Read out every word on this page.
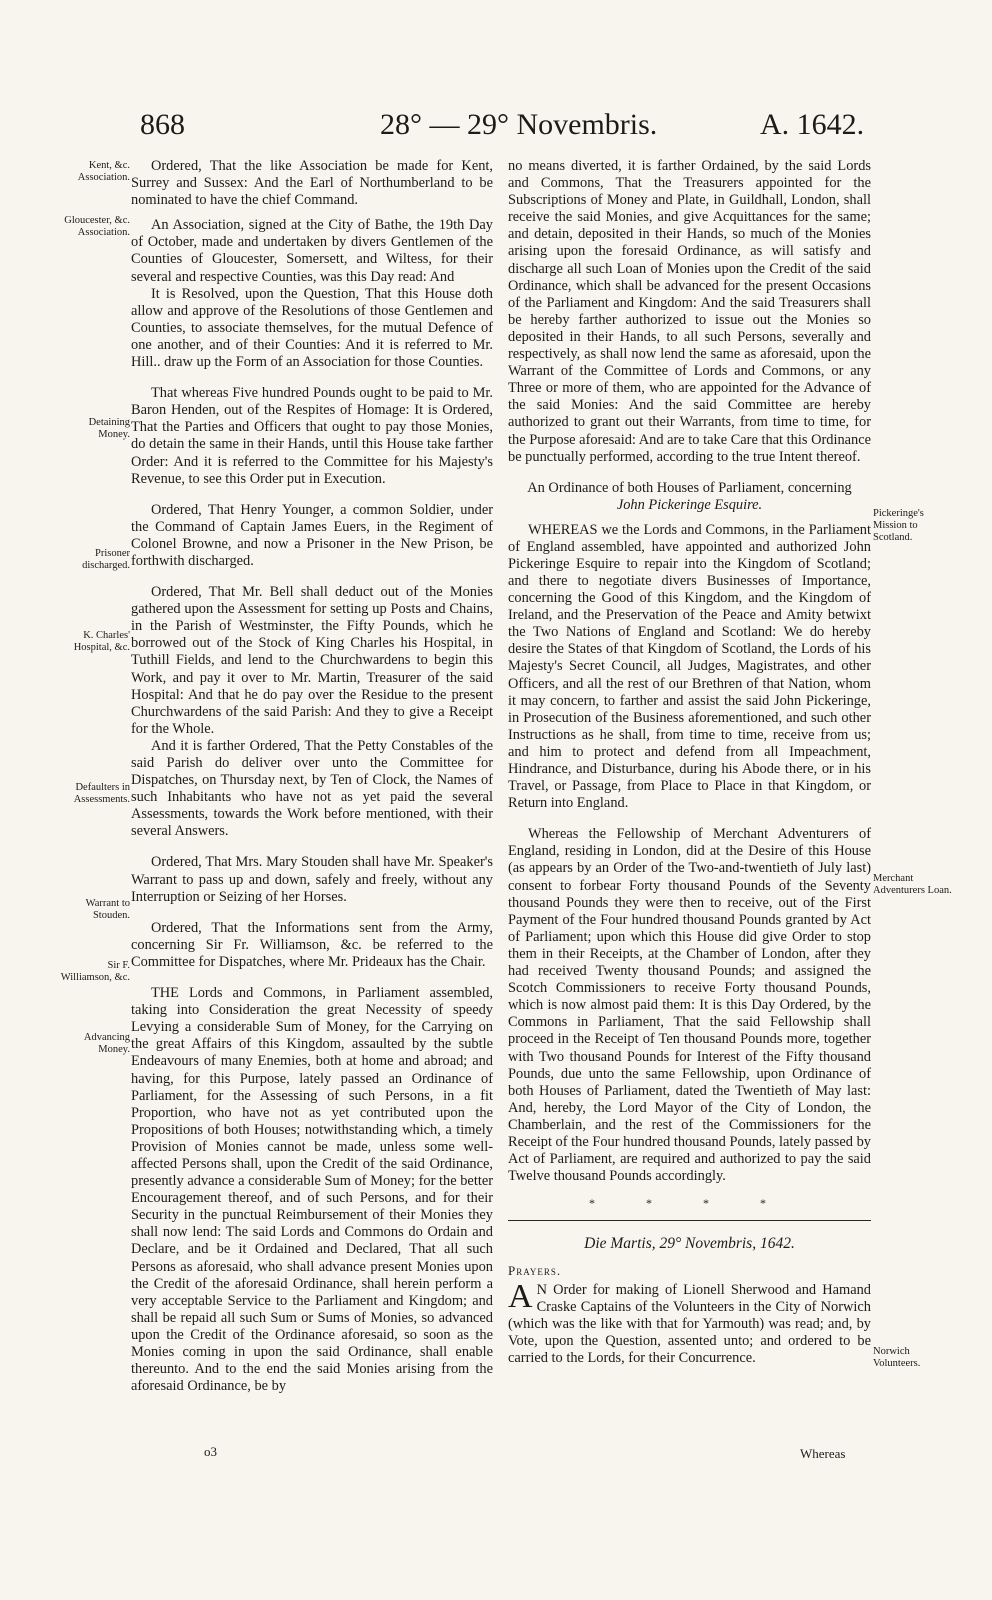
868	28° — 29° Novembris.	A. 1642.
Kent, &c. Association.
Gloucester, &c. Association.
Detaining Money.
Prisoner discharged.
K. Charles' Hospital, &c.
Defaulters in Assessments.
Warrant to Stouden.
Sir F. Williamson, &c.
Advancing Money.
Pickeringe's Mission to Scotland.
Merchant Adventurers Loan.
Norwich Volunteers.

Ordered, That the like Association be made for Kent, Surrey and Sussex: And the Earl of Northumberland to be nominated to have the chief Command.

An Association, signed at the City of Bathe, the 19th Day of October, made and undertaken by divers Gentlemen of the Counties of Gloucester, Somersett, and Wiltess, for their several and respective Counties, was this Day read: And

It is Resolved, upon the Question, That this House doth allow and approve of the Resolutions of those Gentlemen and Counties, to associate themselves, for the mutual Defence of one another, and of their Counties: And it is referred to Mr. Hill.. draw up the Form of an Association for those Counties.

That whereas Five hundred Pounds ought to be paid to Mr. Baron Henden, out of the Respites of Homage: It is Ordered, That the Parties and Officers that ought to pay those Monies, do detain the same in their Hands, until this House take farther Order: And it is referred to the Committee for his Majesty's Revenue, to see this Order put in Execution.

Ordered, That Henry Younger, a common Soldier, under the Command of Captain James Euers, in the Regiment of Colonel Browne, and now a Prisoner in the New Prison, be forthwith discharged.

Ordered, That Mr. Bell shall deduct out of the Monies gathered upon the Assessment for setting up Posts and Chains, in the Parish of Westminster, the Fifty Pounds, which he borrowed out of the Stock of King Charles his Hospital, in Tuthill Fields, and lend to the Churchwardens to begin this Work, and pay it over to Mr. Martin, Treasurer of the said Hospital: And that he do pay over the Residue to the present Churchwardens of the said Parish: And they to give a Receipt for the Whole.

And it is farther Ordered, That the Petty Constables of the said Parish do deliver over unto the Committee for Dispatches, on Thursday next, by Ten of Clock, the Names of such Inhabitants who have not as yet paid the several Assessments, towards the Work before mentioned, with their several Answers.

Ordered, That Mrs. Mary Stouden shall have Mr. Speaker's Warrant to pass up and down, safely and freely, without any Interruption or Seizing of her Horses.

Ordered, That the Informations sent from the Army, concerning Sir Fr. Williamson, &c. be referred to the Committee for Dispatches, where Mr. Prideaux has the Chair.

THE Lords and Commons, in Parliament assembled, taking into Consideration the great Necessity of speedy Levying a considerable Sum of Money, for the Carrying on the great Affairs of this Kingdom, assaulted by the subtle Endeavours of many Enemies, both at home and abroad; and having, for this Purpose, lately passed an Ordinance of Parliament, for the Assessing of such Persons, in a fit Proportion, who have not as yet contributed upon the Propositions of both Houses; notwithstanding which, a timely Provision of Monies cannot be made, unless some well-affected Persons shall, upon the Credit of the said Ordinance, presently advance a considerable Sum of Money; for the better Encouragement thereof, and of such Persons, and for their Security in the punctual Reimbursement of their Monies they shall now lend: The said Lords and Commons do Ordain and Declare, and be it Ordained and Declared, That all such Persons as aforesaid, who shall advance present Monies upon the Credit of the aforesaid Ordinance, shall herein perform a very acceptable Service to the Parliament and Kingdom; and shall be repaid all such Sum or Sums of Monies, so advanced upon the Credit of the Ordinance aforesaid, so soon as the Monies coming in upon the said Ordinance, shall enable thereunto. And to the end the said Monies arising from the aforesaid Ordinance, be by

no means diverted, it is farther Ordained, by the said Lords and Commons, That the Treasurers appointed for the Subscriptions of Money and Plate, in Guildhall, London, shall receive the said Monies, and give Acquittances for the same; and detain, deposited in their Hands, so much of the Monies arising upon the foresaid Ordinance, as will satisfy and discharge all such Loan of Monies upon the Credit of the said Ordinance, which shall be advanced for the present Occasions of the Parliament and Kingdom: And the said Treasurers shall be hereby farther authorized to issue out the Monies so deposited in their Hands, to all such Persons, severally and respectively, as shall now lend the same as aforesaid, upon the Warrant of the Committee of Lords and Commons, or any Three or more of them, who are appointed for the Advance of the said Monies: And the said Committee are hereby authorized to grant out their Warrants, from time to time, for the Purpose aforesaid: And are to take Care that this Ordinance be punctually performed, according to the true Intent thereof.

An Ordinance of both Houses of Parliament, concerning
John Pickeringe Esquire.

WHEREAS we the Lords and Commons, in the Parliament of England assembled, have appointed and authorized John Pickeringe Esquire to repair into the Kingdom of Scotland; and there to negotiate divers Businesses of Importance, concerning the Good of this Kingdom, and the Kingdom of Ireland, and the Preservation of the Peace and Amity betwixt the Two Nations of England and Scotland: We do hereby desire the States of that Kingdom of Scotland, the Lords of his Majesty's Secret Council, all Judges, Magistrates, and other Officers, and all the rest of our Brethren of that Nation, whom it may concern, to farther and assist the said John Pickeringe, in Prosecution of the Business aforementioned, and such other Instructions as he shall, from time to time, receive from us; and him to protect and defend from all Impeachment, Hindrance, and Disturbance, during his Abode there, or in his Travel, or Passage, from Place to Place in that Kingdom, or Return into England.

Whereas the Fellowship of Merchant Adventurers of England, residing in London, did at the Desire of this House (as appears by an Order of the Two-and-twentieth of July last) consent to forbear Forty thousand Pounds of the Seventy thousand Pounds they were then to receive, out of the First Payment of the Four hundred thousand Pounds granted by Act of Parliament; upon which this House did give Order to stop them in their Receipts, at the Chamber of London, after they had received Twenty thousand Pounds; and assigned the Scotch Commissioners to receive Forty thousand Pounds, which is now almost paid them: It is this Day Ordered, by the Commons in Parliament, That the said Fellowship shall proceed in the Receipt of Ten thousand Pounds more, together with Two thousand Pounds for Interest of the Fifty thousand Pounds, due unto the same Fellowship, upon Ordinance of both Houses of Parliament, dated the Twentieth of May last: And, hereby, the Lord Mayor of the City of London, the Chamberlain, and the rest of the Commissioners for the Receipt of the Four hundred thousand Pounds, lately passed by Act of Parliament, are required and authorized to pay the said Twelve thousand Pounds accordingly.

* * * *
Die Martis, 29° Novembris, 1642.
Prayers.

A N Order for making of Lionell Sherwood and Hamand Craske Captains of the Volunteers in the City of Norwich (which was the like with that for Yarmouth) was read; and, by Vote, upon the Question, assented unto; and ordered to be carried to the Lords, for their Concurrence.

o3	Whereas
